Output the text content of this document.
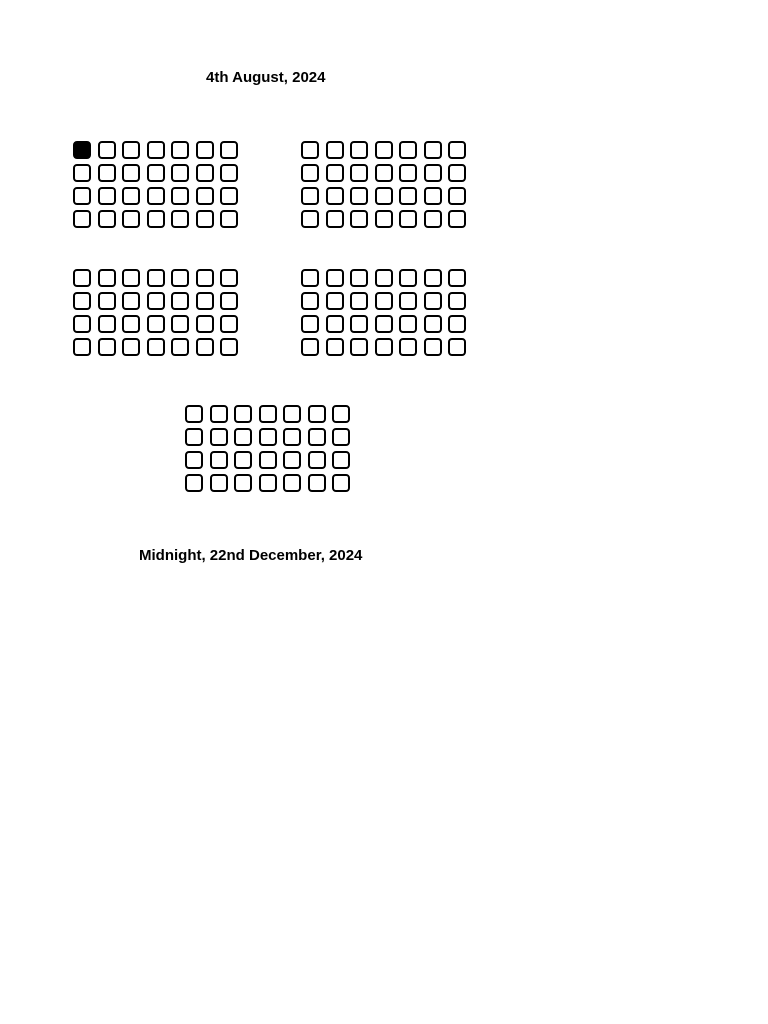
4th August, 2024
Midnight, 22nd December, 2024
